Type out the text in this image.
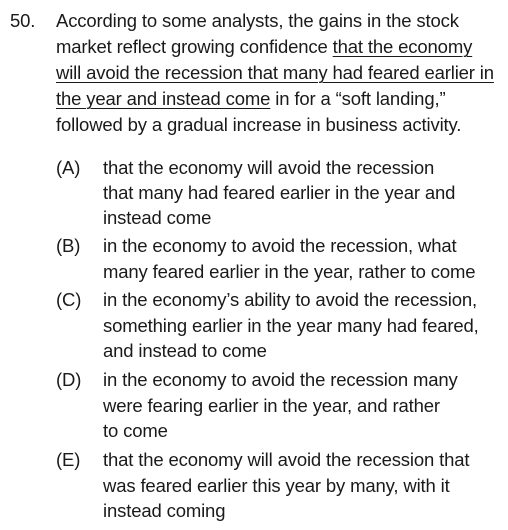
50. According to some analysts, the gains in the stock
market reflect growing confidence that the economy
will avoid the recession that many had feared earlier in
the year and instead come in for a “soft landing,”
followed by a gradual increase in business activity.
(A) that the economy will avoid the recession
that many had feared earlier in the year and
instead come
(B) in the economy to avoid the recession, what
many feared earlier in the year, rather to come
(C) in the economy’s ability to avoid the recession,
something earlier in the year many had feared,
and instead to come
(D) in the economy to avoid the recession many
were fearing earlier in the year, and rather
to come
(E) that the economy will avoid the recession that
was feared earlier this year by many, with it
instead coming
